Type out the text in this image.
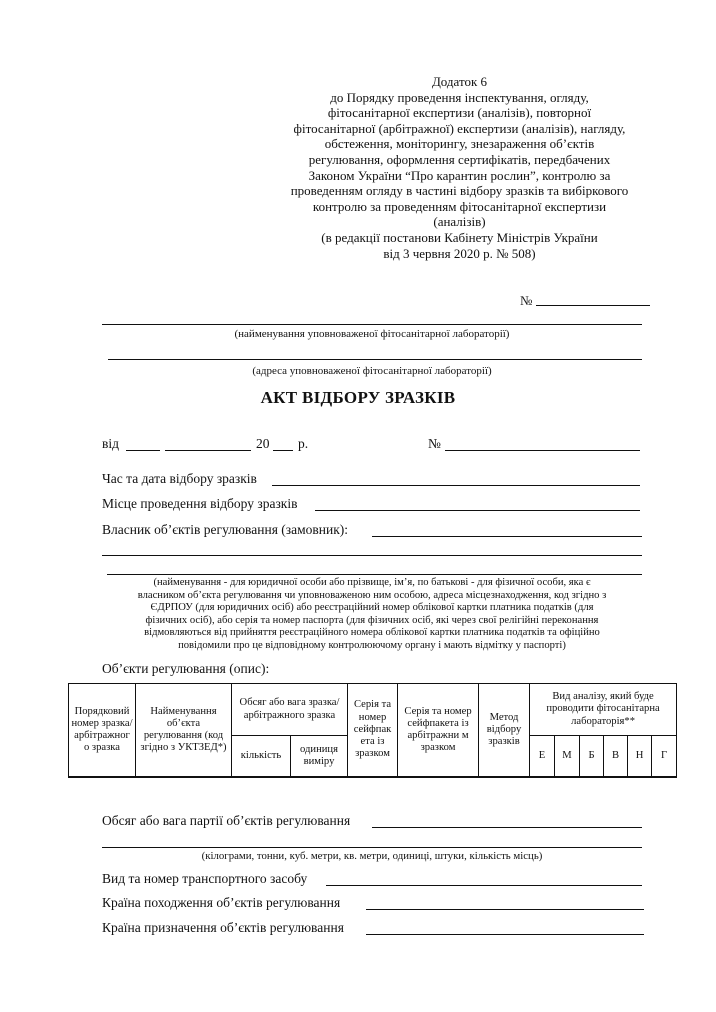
Додаток 6
до Порядку проведення інспектування, огляду,
фітосанітарної експертизи (аналізів), повторної
фітосанітарної (арбітражної) експертизи (аналізів), нагляду,
обстеження, моніторингу, знезараження об’єктів
регулювання, оформлення сертифікатів, передбачених
Законом України “Про карантин рослин”, контролю за
проведенням огляду в частині відбору зразків та вибіркового
контролю за проведенням фітосанітарної експертизи
(аналізів)
(в редакції постанови Кабінету Міністрів України
від 3 червня 2020 р. № 508)
№
(найменування уповноваженої фітосанітарної лабораторії)
(адреса уповноваженої фітосанітарної лабораторії)
АКТ ВІДБОРУ ЗРАЗКІВ
від	20 р.	№
Час та дата відбору зразків
Місце проведення відбору зразків
Власник об’єктів регулювання (замовник):
(найменування - для юридичної особи або прізвище, ім’я, по батькові - для фізичної особи, яка є
власником об’єкта регулювання чи уповноваженою ним особою, адреса місцезнаходження, код згідно з
ЄДРПОУ (для юридичних осіб) або реєстраційний номер облікової картки платника податків (для
фізичних осіб), або серія та номер паспорта (для фізичних осіб, які через свої релігійні переконання
відмовляються від прийняття реєстраційного номера облікової картки платника податків та офіційно
повідомили про це відповідному контролюючому органу і мають відмітку у паспорті)
Об’єкти регулювання (опис):
Порядковий номер зразка/ арбітражног о зразка	Найменування об’єкта регулювання (код згідно з УКТЗЕД*)	Обсяг або вага зразка/ арбітражного зразка		Серія та номер сейфпак ета із зразком	Серія та номер сейфпакета із арбітражни м зразком	Метод відбору зразків	Вид аналізу, який буде проводити фітосанітарна лабораторія**					
		кількість	одиниця виміру				Е	М	Б	В	Н	Г

Обсяг або вага партії об’єктів регулювання
(кілограми, тонни, куб. метри, кв. метри, одиниці, штуки, кількість місць)
Вид та номер транспортного засобу
Країна походження об’єктів регулювання
Країна призначення об’єктів регулювання
